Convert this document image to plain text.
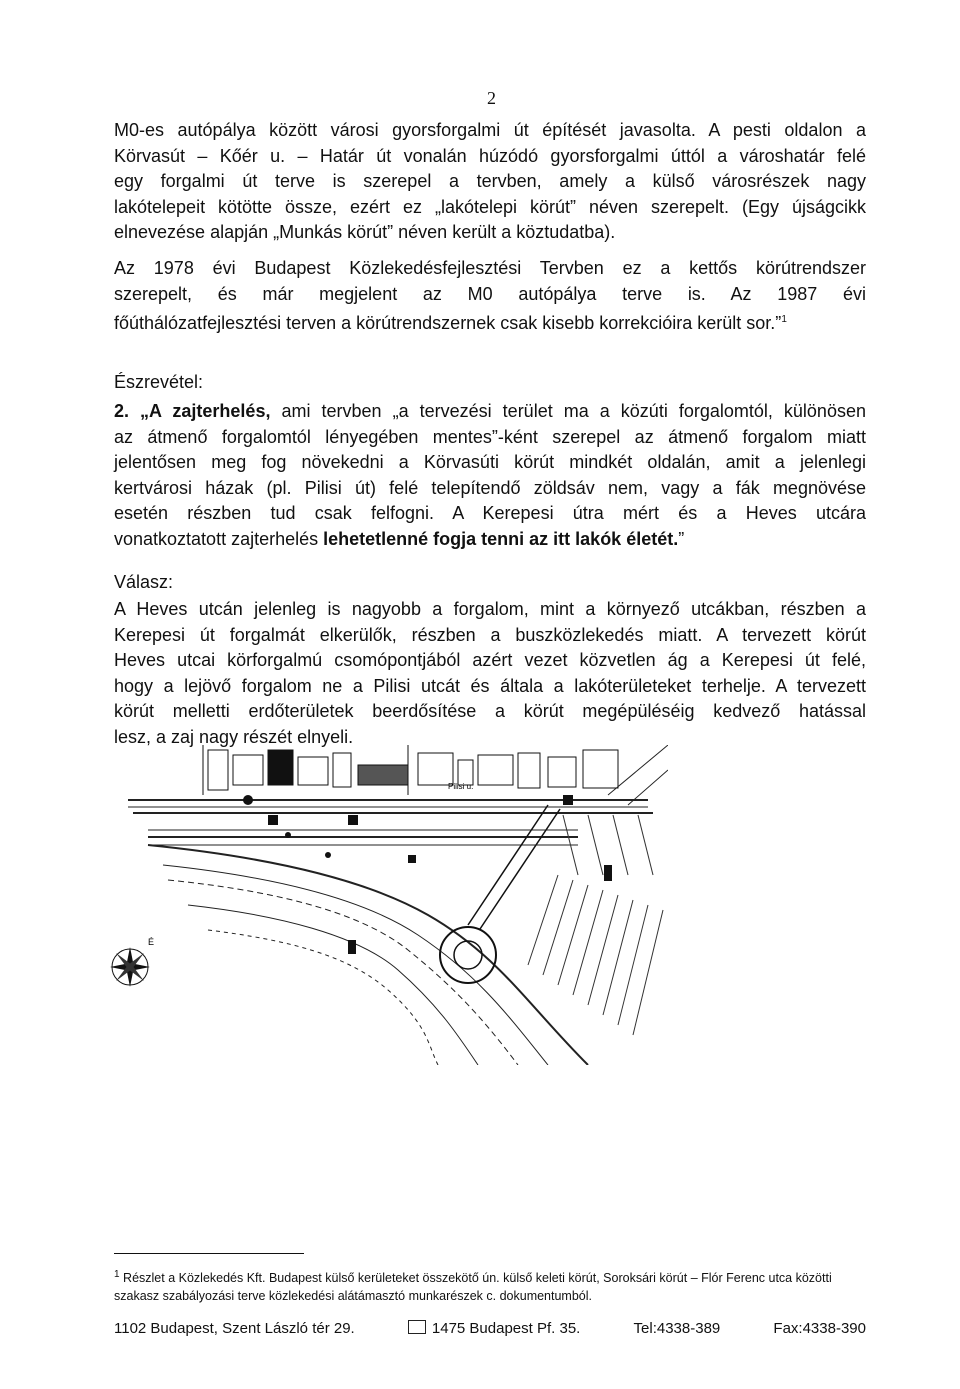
2
M0-es autópálya között városi gyorsforgalmi út építését javasolta. A pesti oldalon a
Körvasút – Kőér u. – Határ út vonalán húzódó gyorsforgalmi úttól a városhatár felé
egy forgalmi út terve is szerepel a tervben, amely a külső városrészek nagy
lakótelepeit kötötte össze, ezért ez „lakótelepi körút” néven szerepelt. (Egy újságcikk
elnevezése alapján „Munkás körút” néven került a köztudatba).
Az 1978 évi Budapest Közlekedésfejlesztési Tervben ez a kettős körútrendszer
szerepelt, és már megjelent az M0 autópálya terve is. Az 1987 évi
főúthálózatfejlesztési terven a körútrendszernek csak kisebb korrekcióira került sor.”$^1$
Észrevétel:
2. „A zajterhelés, ami tervben „a tervezési terület ma a közúti forgalomtól, különösen
az átmenő forgalomtól lényegében mentes”-ként szerepel az átmenő forgalom miatt
jelentősen meg fog növekedni a Körvasúti körút mindkét oldalán, amit a jelenlegi
kertvárosi házak (pl. Pilisi út) felé telepítendő zöldsáv nem, vagy a fák megnövése
esetén részben tud csak felfogni. A Kerepesi útra mért és a Heves utcára
vonatkoztatott zajterhelés lehetetlenné fogja tenni az itt lakók életét.”
Válasz:
A Heves utcán jelenleg is nagyobb a forgalom, mint a környező utcákban, részben a
Kerepesi út forgalmát elkerülők, részben a buszközlekedés miatt. A tervezett körút
Heves utcai körforgalmú csomópontjából azért vezet közvetlen ág a Kerepesi út felé,
hogy a lejövő forgalom ne a Pilisi utcát és általa a lakóterületeket terhelje. A tervezett
körút melletti erdőterületek beerdősítése a körút megépüléséig kedvező hatással
lesz, a zaj nagy részét elnyeli.
Pilisi u.
É
$^1$ Részlet a Közlekedés Kft. Budapest külső kerületeket összekötő ún. külső keleti körút, Soroksári körút – Flór Ferenc utca közötti szakasz szabályozási terve közlekedési alátámasztó munkarészek c. dokumentumból.
1102 Budapest, Szent László tér 29.	1475 Budapest Pf. 35.	Tel:4338-389	Fax:4338-390
